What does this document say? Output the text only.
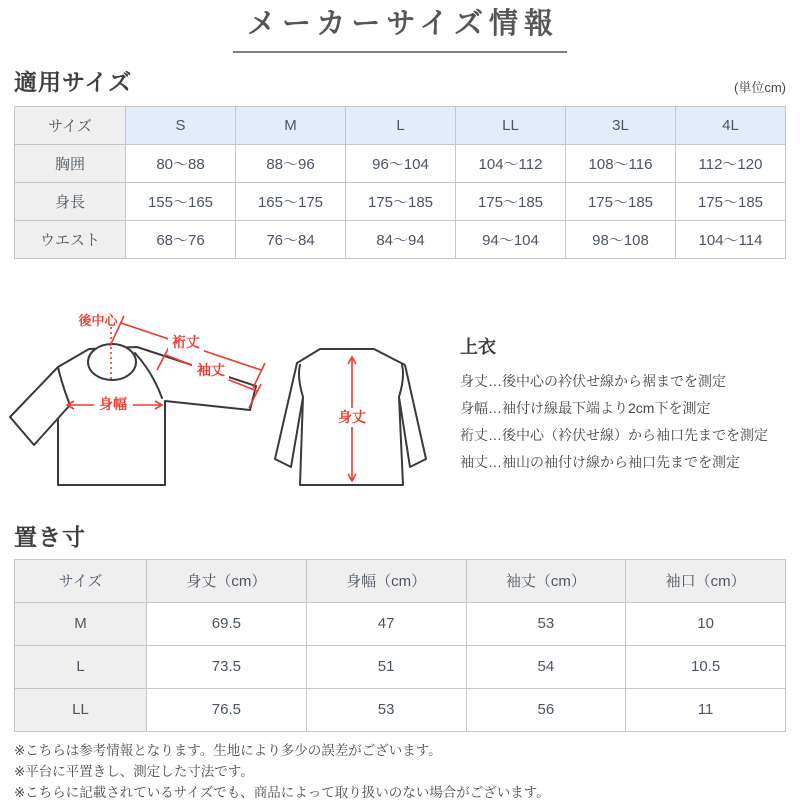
メーカーサイズ情報
適用サイズ	(単位cm)
サイズ	S	M	L	LL	3L	4L
胸囲	80〜88	88〜96	96〜104	104〜112	108〜116	112〜120
身長	155〜165	165〜175	175〜185	175〜185	175〜185	175〜185
ウエスト	68〜76	76〜84	84〜94	94〜104	98〜108	104〜114
後中心
裄丈
袖丈
身幅
身丈
上衣
身丈…後中心の衿伏せ線から裾までを測定
身幅…袖付け線最下端より2cm下を測定
裄丈…後中心（衿伏せ線）から袖口先までを測定
袖丈…袖山の袖付け線から袖口先までを測定
置き寸
サイズ	身丈（cm）	身幅（cm）	袖丈（cm）	袖口（cm）
M	69.5	47	53	10
L	73.5	51	54	10.5
LL	76.5	53	56	11
※こちらは参考情報となります。生地により多少の誤差がございます。
※平台に平置きし、測定した寸法です。
※こちらに記載されているサイズでも、商品によって取り扱いのない場合がございます。
